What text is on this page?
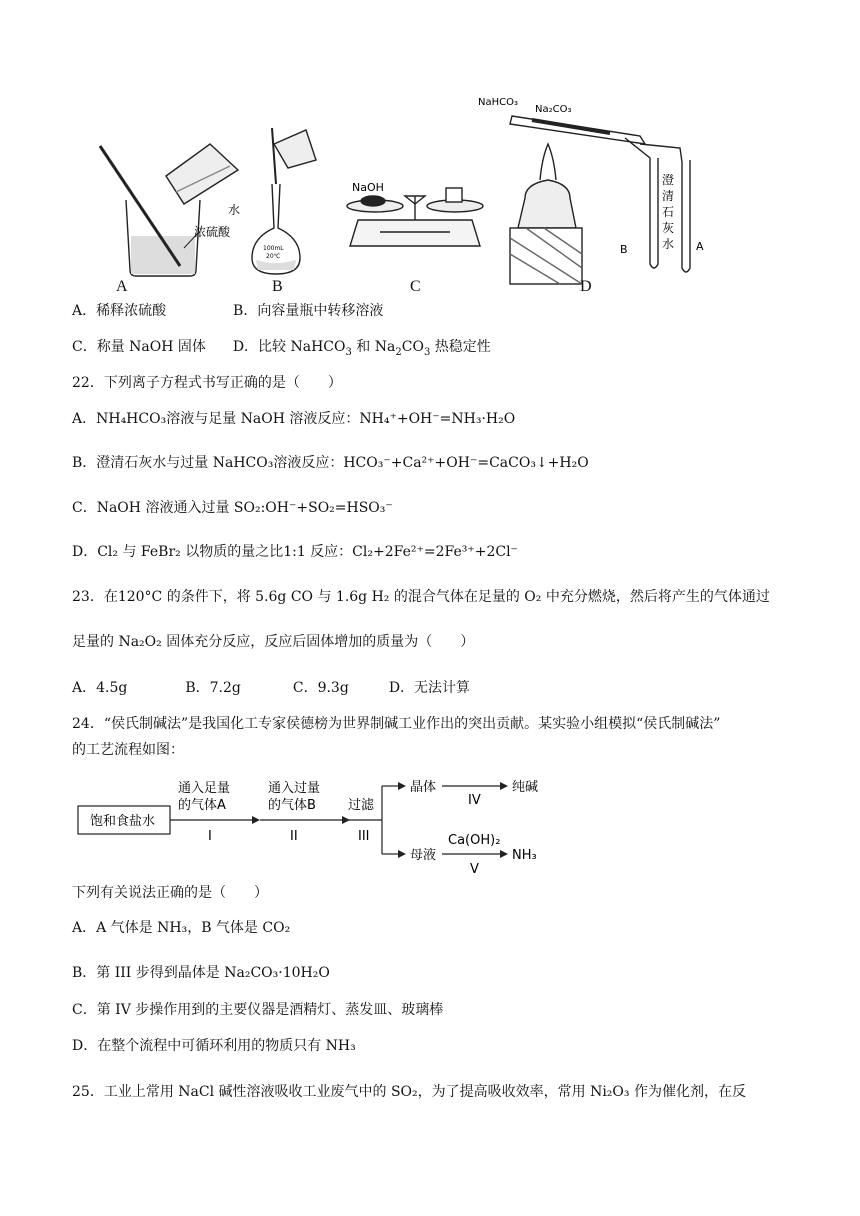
水
浓硫酸
100mL
20℃
NaOH
NaHCO₃
Na₂CO₃
B	A
澄
清
石
灰
水
A	B	C	D
A．稀释浓硫酸	B．向容量瓶中转移溶液
C．称量 NaOH 固体 D．比较 NaHCO$_3$ 和 $Na_2CO_3$ 热稳定性
22．下列离子方程式书写正确的是（　　）
A．NH₄HCO₃溶液与足量 NaOH 溶液反应：NH₄⁺+OH⁻=NH₃·H₂O
B．澄清石灰水与过量 NaHCO₃溶液反应：HCO₃⁻+Ca²⁺+OH⁻=CaCO₃↓+H₂O
C．NaOH 溶液通入过量 SO₂:OH⁻+SO₂=HSO₃⁻
D．Cl₂ 与 FeBr₂ 以物质的量之比1:1 反应：Cl₂+2Fe²⁺=2Fe³⁺+2Cl⁻
23．在120°C 的条件下，将 5.6g CO 与 1.6g H₂ 的混合气体在足量的 O₂ 中充分燃烧，然后将产生的气体通过
足量的 Na₂O₂ 固体充分反应，反应后固体增加的质量为（　　）
A．4.5g	B．7.2g	C．9.3g	D．无法计算
24．“侯氏制碱法”是我国化工专家侯德榜为世界制碱工业作出的突出贡献。某实验小组模拟“侯氏制碱法”
的工艺流程如图：
饱和食盐水
通入足量
的气体A
I
通入过量
的气体B
II
过滤
III
晶体
IV
纯碱
母液
Ca(OH)₂
V
NH₃
下列有关说法正确的是（　　）
A．A 气体是 NH₃，B 气体是 CO₂
B．第 III 步得到晶体是 Na₂CO₃·10H₂O
C．第 IV 步操作用到的主要仪器是酒精灯、蒸发皿、玻璃棒
D．在整个流程中可循环利用的物质只有 NH₃
25．工业上常用 NaCl 碱性溶液吸收工业废气中的 SO₂，为了提高吸收效率，常用 Ni₂O₃ 作为催化剂，在反
